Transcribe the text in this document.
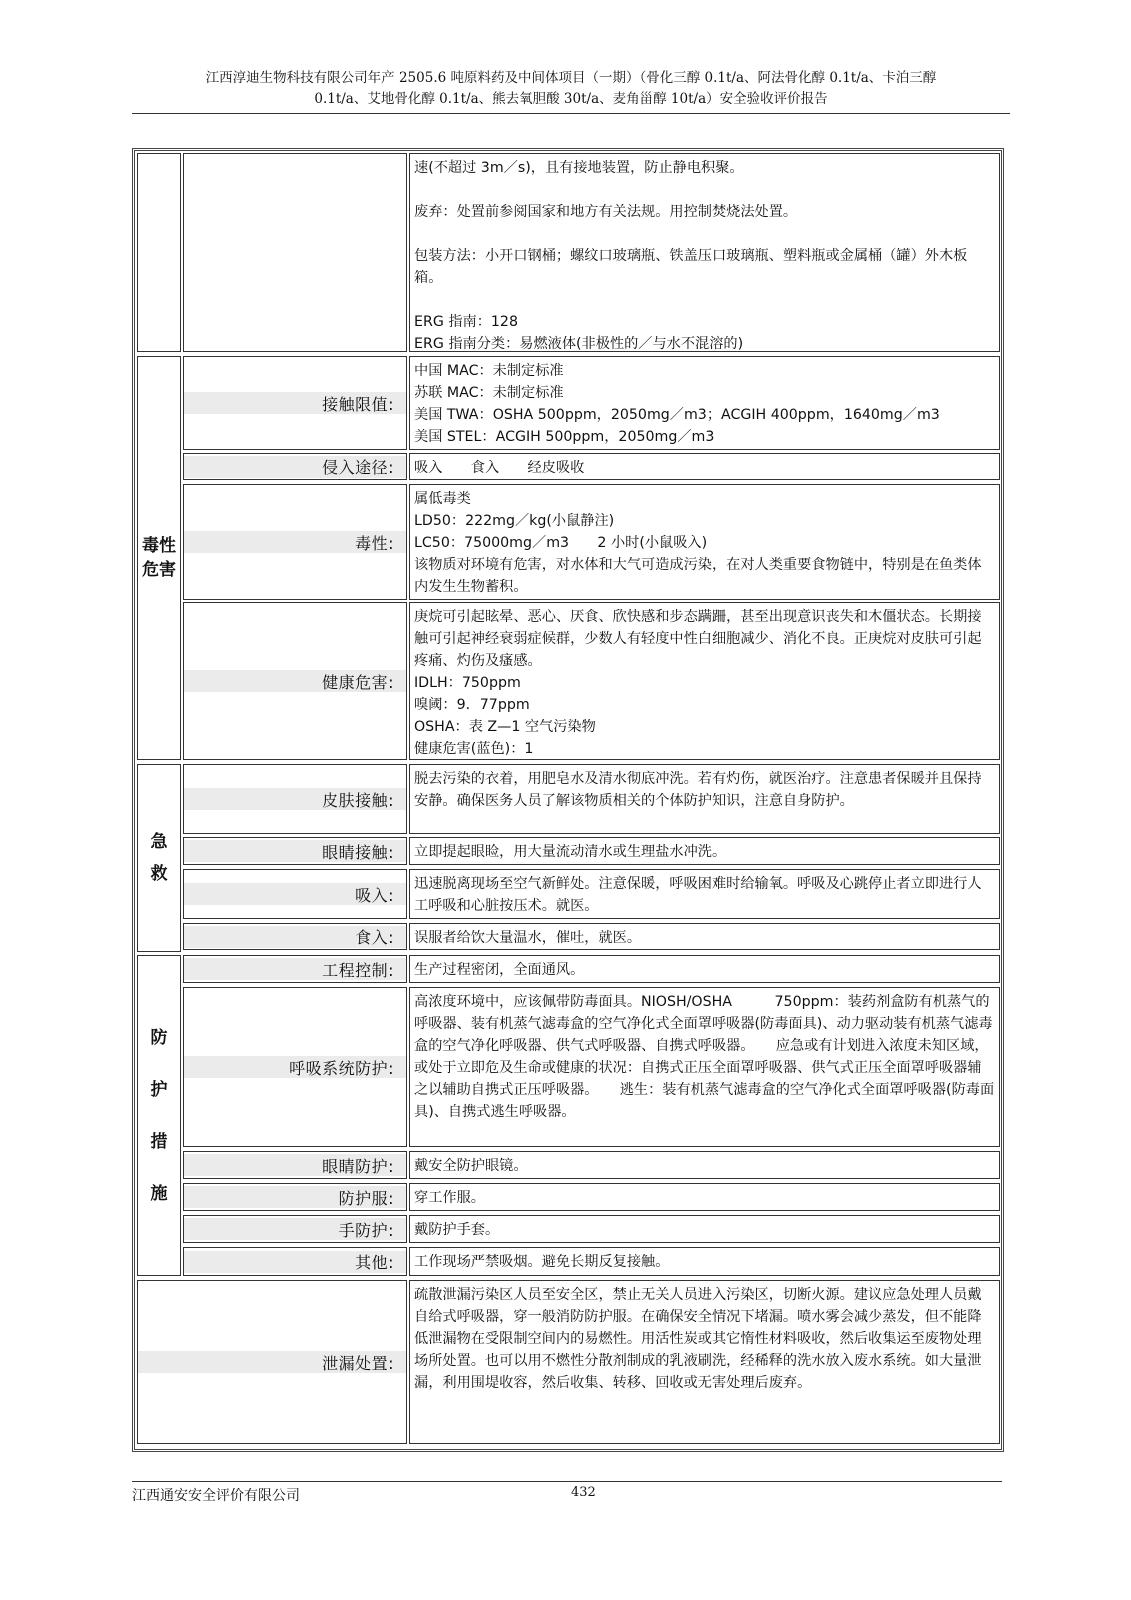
江西淳迪生物科技有限公司年产 2505.6 吨原料药及中间体项目（一期）（骨化三醇 0.1t/a、阿法骨化醇 0.1t/a、卡泊三醇
0.1t/a、艾地骨化醇 0.1t/a、熊去氧胆酸 30t/a、麦角甾醇 10t/a）安全验收评价报告

速(不超过 3m／s)，且有接地装置，防止静电积聚。

废弃：处置前参阅国家和地方有关法规。用控制焚烧法处置。

包装方法：小开口钢桶；螺纹口玻璃瓶、铁盖压口玻璃瓶、塑料瓶或金属桶（罐）外木板箱。

ERG 指南：128

ERG 指南分类：易燃液体(非极性的／与水不混溶的)

毒性危害
接触限值:

中国 MAC：未制定标准

苏联 MAC：未制定标准

美国 TWA：OSHA 500ppm，2050mg／m3；ACGIH 400ppm，1640mg／m3

美国 STEL：ACGIH 500ppm，2050mg／m3

侵入途径:	吸入　　食入　　经皮吸收

毒性:

属低毒类

LD50：222mg／kg(小鼠静注)

LC50：75000mg／m3　　2 小时(小鼠吸入)

该物质对环境有危害，对水体和大气可造成污染，在对人类重要食物链中，特别是在鱼类体内发生生物蓄积。

健康危害:

庚烷可引起眩晕、恶心、厌食、欣快感和步态蹒跚，甚至出现意识丧失和木僵状态。长期接触可引起神经衰弱症候群，少数人有轻度中性白细胞减少、消化不良。正庚烷对皮肤可引起疼痛、灼伤及瘙感。

IDLH：750ppm

嗅阈：9．77ppm

OSHA：表 Z—1 空气污染物

健康危害(蓝色)：1

急
救
皮肤接触:

脱去污染的衣着，用肥皂水及清水彻底冲洗。若有灼伤，就医治疗。注意患者保暖并且保持安静。确保医务人员了解该物质相关的个体防护知识，注意自身防护。

眼睛接触:	立即提起眼睑，用大量流动清水或生理盐水冲洗。

吸入:

迅速脱离现场至空气新鲜处。注意保暖，呼吸困难时给输氧。呼吸及心跳停止者立即进行人工呼吸和心脏按压术。就医。

食入:	误服者给饮大量温水，催吐，就医。

防
护
措
施
工程控制:	生产过程密闭，全面通风。

呼吸系统防护:

高浓度环境中，应该佩带防毒面具。NIOSH/OSHA　　　750ppm：装药剂盒防有机蒸气的呼吸器、装有机蒸气滤毒盒的空气净化式全面罩呼吸器(防毒面具)、动力驱动装有机蒸气滤毒盒的空气净化呼吸器、供气式呼吸器、自携式呼吸器。　　应急或有计划进入浓度未知区域，或处于立即危及生命或健康的状况：自携式正压全面罩呼吸器、供气式正压全面罩呼吸器辅之以辅助自携式正压呼吸器。　　逃生：装有机蒸气滤毒盒的空气净化式全面罩呼吸器(防毒面具)、自携式逃生呼吸器。

眼睛防护:	戴安全防护眼镜。

防护服:	穿工作服。

手防护:	戴防护手套。

其他:	工作现场严禁吸烟。避免长期反复接触。

泄漏处置:

疏散泄漏污染区人员至安全区，禁止无关人员进入污染区，切断火源。建议应急处理人员戴自给式呼吸器，穿一般消防防护服。在确保安全情况下堵漏。喷水雾会减少蒸发，但不能降低泄漏物在受限制空间内的易燃性。用活性炭或其它惰性材料吸收，然后收集运至废物处理场所处置。也可以用不燃性分散剂制成的乳液刷洗，经稀释的洗水放入废水系统。如大量泄漏，利用围堤收容，然后收集、转移、回收或无害处理后废弃。

江西通安安全评价有限公司	432
